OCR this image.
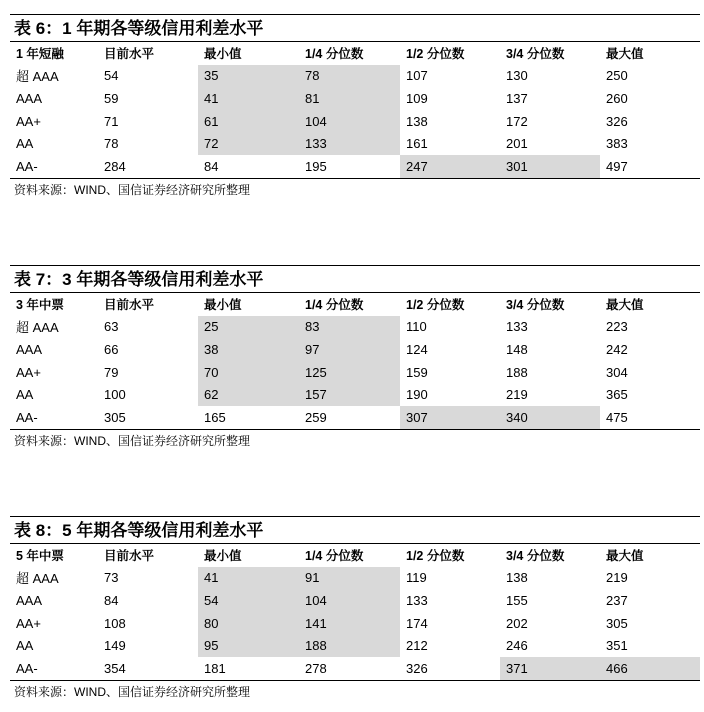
表 6：1 年期各等级信用利差水平
1 年短融	目前水平	最小值	1/4 分位数	1/2 分位数	3/4 分位数	最大值
超 AAA	54	35	78	107	130	250
AAA	59	41	81	109	137	260
AA+	71	61	104	138	172	326
AA	78	72	133	161	201	383
AA-	284	84	195	247	301	497
资料来源：WIND、国信证券经济研究所整理
表 7：3 年期各等级信用利差水平
3 年中票	目前水平	最小值	1/4 分位数	1/2 分位数	3/4 分位数	最大值
超 AAA	63	25	83	110	133	223
AAA	66	38	97	124	148	242
AA+	79	70	125	159	188	304
AA	100	62	157	190	219	365
AA-	305	165	259	307	340	475
资料来源：WIND、国信证券经济研究所整理
表 8：5 年期各等级信用利差水平
5 年中票	目前水平	最小值	1/4 分位数	1/2 分位数	3/4 分位数	最大值
超 AAA	73	41	91	119	138	219
AAA	84	54	104	133	155	237
AA+	108	80	141	174	202	305
AA	149	95	188	212	246	351
AA-	354	181	278	326	371	466
资料来源：WIND、国信证券经济研究所整理
